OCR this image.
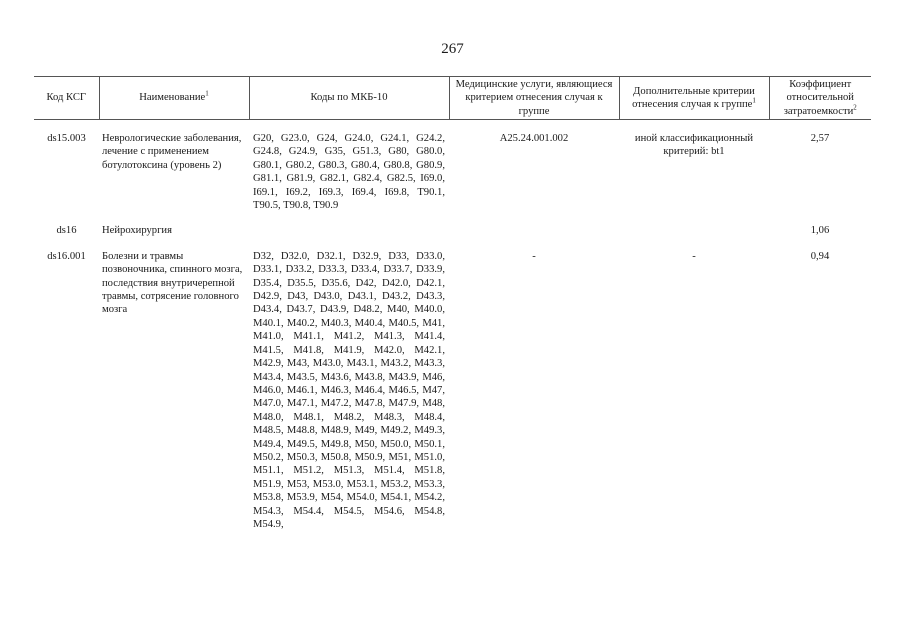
267
Код КСГ	Наименование$^1$	Коды по МКБ-10	Медицинские услуги, являющиеся критерием отнесения случая к группе	Дополнительные критерии отнесения случая к группе$^1$	Коэффициент относительной затратоемкости$^2$

ds15.003	Неврологические заболевания, лечение с применением ботулотоксина (уровень 2)	G20, G23.0, G24, G24.0, G24.1, G24.2, G24.8, G24.9, G35, G51.3, G80, G80.0, G80.1, G80.2, G80.3, G80.4, G80.8, G80.9, G81.1, G81.9, G82.1, G82.4, G82.5, I69.0, I69.1, I69.2, I69.3, I69.4, I69.8, T90.1, T90.5, T90.8, T90.9	A25.24.001.002	иной классификационный критерий: bt1	2,57

ds16	Нейрохирургия				1,06

ds16.001	Болезни и травмы позвоночника, спинного мозга, последствия внутричерепной травмы, сотрясение головного мозга	D32, D32.0, D32.1, D32.9, D33, D33.0, D33.1, D33.2, D33.3, D33.4, D33.7, D33.9, D35.4, D35.5, D35.6, D42, D42.0, D42.1, D42.9, D43, D43.0, D43.1, D43.2, D43.3, D43.4, D43.7, D43.9, D48.2, M40, M40.0, M40.1, M40.2, M40.3, M40.4, M40.5, M41, M41.0, M41.1, M41.2, M41.3, M41.4, M41.5, M41.8, M41.9, M42.0, M42.1, M42.9, M43, M43.0, M43.1, M43.2, M43.3, M43.4, M43.5, M43.6, M43.8, M43.9, M46, M46.0, M46.1, M46.3, M46.4, M46.5, M47, M47.0, M47.1, M47.2, M47.8, M47.9, M48, M48.0, M48.1, M48.2, M48.3, M48.4, M48.5, M48.8, M48.9, M49, M49.2, M49.3, M49.4, M49.5, M49.8, M50, M50.0, M50.1, M50.2, M50.3, M50.8, M50.9, M51, M51.0, M51.1, M51.2, M51.3, M51.4, M51.8, M51.9, M53, M53.0, M53.1, M53.2, M53.3, M53.8, M53.9, M54, M54.0, M54.1, M54.2, M54.3, M54.4, M54.5, M54.6, M54.8, M54.9,	-	-	0,94
